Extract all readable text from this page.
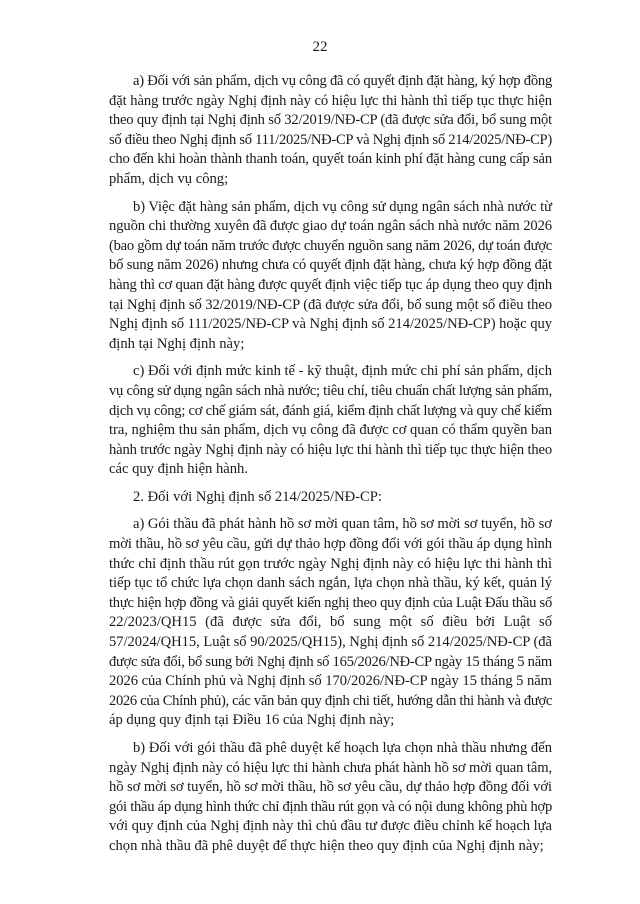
22
a) Đối với sản phẩm, dịch vụ công đã có quyết định đặt hàng, ký hợp đồng
đặt hàng trước ngày Nghị định này có hiệu lực thi hành thì tiếp tục thực hiện
theo quy định tại Nghị định số 32/2019/NĐ-CP (đã được sửa đổi, bổ sung một
số điều theo Nghị định số 111/2025/NĐ-CP và Nghị định số 214/2025/NĐ-CP)
cho đến khi hoàn thành thanh toán, quyết toán kinh phí đặt hàng cung cấp sản
phẩm, dịch vụ công;
b) Việc đặt hàng sản phẩm, dịch vụ công sử dụng ngân sách nhà nước từ
nguồn chi thường xuyên đã được giao dự toán ngân sách nhà nước năm 2026
(bao gồm dự toán năm trước được chuyển nguồn sang năm 2026, dự toán được
bổ sung năm 2026) nhưng chưa có quyết định đặt hàng, chưa ký hợp đồng đặt
hàng thì cơ quan đặt hàng được quyết định việc tiếp tục áp dụng theo quy định
tại Nghị định số 32/2019/NĐ-CP (đã được sửa đổi, bổ sung một số điều theo
Nghị định số 111/2025/NĐ-CP và Nghị định số 214/2025/NĐ-CP) hoặc quy
định tại Nghị định này;
c) Đối với định mức kinh tế - kỹ thuật, định mức chi phí sản phẩm, dịch
vụ công sử dụng ngân sách nhà nước; tiêu chí, tiêu chuẩn chất lượng sản phẩm,
dịch vụ công; cơ chế giám sát, đánh giá, kiểm định chất lượng và quy chế kiểm
tra, nghiệm thu sản phẩm, dịch vụ công đã được cơ quan có thẩm quyền ban
hành trước ngày Nghị định này có hiệu lực thi hành thì tiếp tục thực hiện theo
các quy định hiện hành.
2. Đối với Nghị định số 214/2025/NĐ-CP:
a) Gói thầu đã phát hành hồ sơ mời quan tâm, hồ sơ mời sơ tuyển, hồ sơ
mời thầu, hồ sơ yêu cầu, gửi dự thảo hợp đồng đối với gói thầu áp dụng hình
thức chỉ định thầu rút gọn trước ngày Nghị định này có hiệu lực thi hành thì
tiếp tục tổ chức lựa chọn danh sách ngắn, lựa chọn nhà thầu, ký kết, quản lý
thực hiện hợp đồng và giải quyết kiến nghị theo quy định của Luật Đấu thầu số
22/2023/QH15 (đã được sửa đổi, bổ sung một số điều bởi Luật số
57/2024/QH15, Luật số 90/2025/QH15), Nghị định số 214/2025/NĐ-CP (đã
được sửa đổi, bổ sung bởi Nghị định số 165/2026/NĐ-CP ngày 15 tháng 5 năm
2026 của Chính phủ và Nghị định số 170/2026/NĐ-CP ngày 15 tháng 5 năm
2026 của Chính phủ), các văn bản quy định chi tiết, hướng dẫn thi hành và được
áp dụng quy định tại Điều 16 của Nghị định này;
b) Đối với gói thầu đã phê duyệt kế hoạch lựa chọn nhà thầu nhưng đến
ngày Nghị định này có hiệu lực thi hành chưa phát hành hồ sơ mời quan tâm,
hồ sơ mời sơ tuyển, hồ sơ mời thầu, hồ sơ yêu cầu, dự thảo hợp đồng đối với
gói thầu áp dụng hình thức chỉ định thầu rút gọn và có nội dung không phù hợp
với quy định của Nghị định này thì chủ đầu tư được điều chỉnh kế hoạch lựa
chọn nhà thầu đã phê duyệt để thực hiện theo quy định của Nghị định này;
